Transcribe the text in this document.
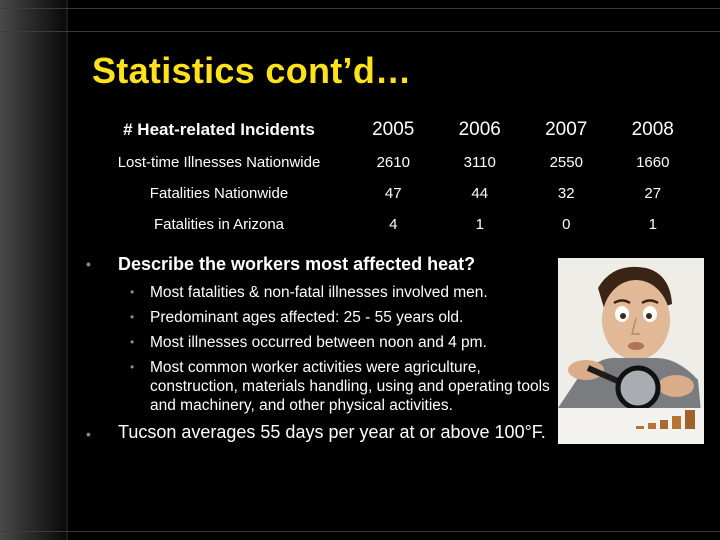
Statistics cont’d…
# Heat-related Incidents	2005	2006	2007	2008
Lost-time Illnesses Nationwide	2610	3110	2550	1660
Fatalities Nationwide	47	44	32	27
Fatalities in Arizona	4	1	0	1
•	Describe the workers most affected heat?
•	Most fatalities & non-fatal illnesses involved men.
•	Predominant ages affected: 25 - 55 years old.
•	Most illnesses occurred between noon and 4 pm.
•	Most common worker activities were agriculture, construction, materials handling, using and operating tools and machinery, and other physical activities.
•	Tucson averages 55 days per year at or above 100°F.
